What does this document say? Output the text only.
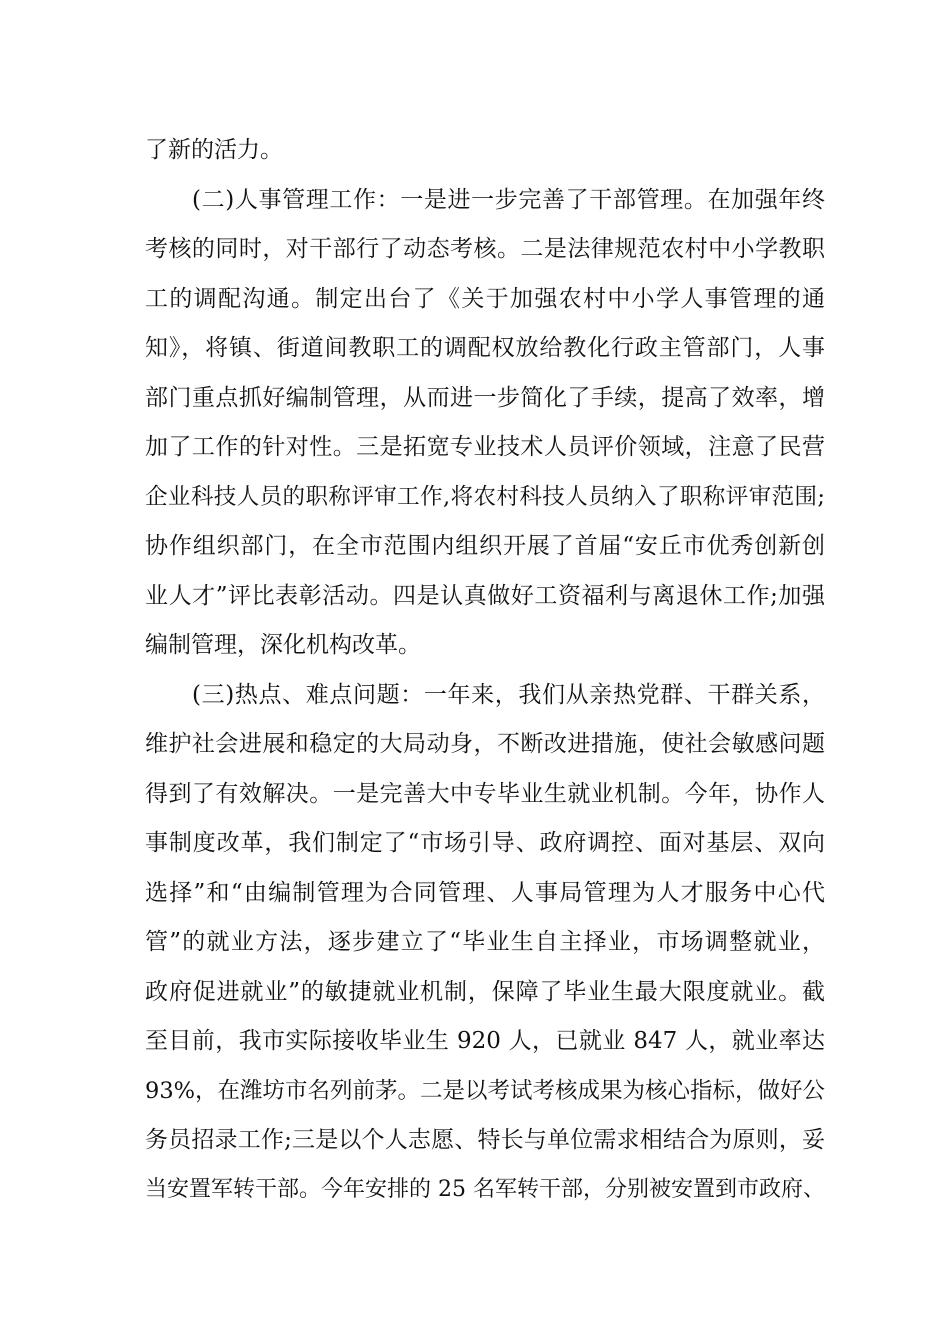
了新的活力。
(二)人事管理工作：一是进一步完善了干部管理。在加强年终
考核的同时，对干部行了动态考核。二是法律规范农村中小学教职
工的调配沟通。制定出台了《关于加强农村中小学人事管理的通
知》，将镇、街道间教职工的调配权放给教化行政主管部门，人事
部门重点抓好编制管理，从而进一步简化了手续，提高了效率，增
加了工作的针对性。三是拓宽专业技术人员评价领域，注意了民营
企业科技人员的职称评审工作,将农村科技人员纳入了职称评审范围;
协作组织部门，在全市范围内组织开展了首届“安丘市优秀创新创
业人才”评比表彰活动。四是认真做好工资福利与离退休工作;加强
编制管理，深化机构改革。
(三)热点、难点问题：一年来，我们从亲热党群、干群关系，
维护社会进展和稳定的大局动身，不断改进措施，使社会敏感问题
得到了有效解决。一是完善大中专毕业生就业机制。今年，协作人
事制度改革，我们制定了“市场引导、政府调控、面对基层、双向
选择”和“由编制管理为合同管理、人事局管理为人才服务中心代
管”的就业方法，逐步建立了“毕业生自主择业，市场调整就业，
政府促进就业”的敏捷就业机制，保障了毕业生最大限度就业。截
至目前，我市实际接收毕业生 920 人，已就业 847 人，就业率达
93%，在潍坊市名列前茅。二是以考试考核成果为核心指标，做好公
务员招录工作;三是以个人志愿、特长与单位需求相结合为原则，妥
当安置军转干部。今年安排的 25 名军转干部，分别被安置到市政府、
